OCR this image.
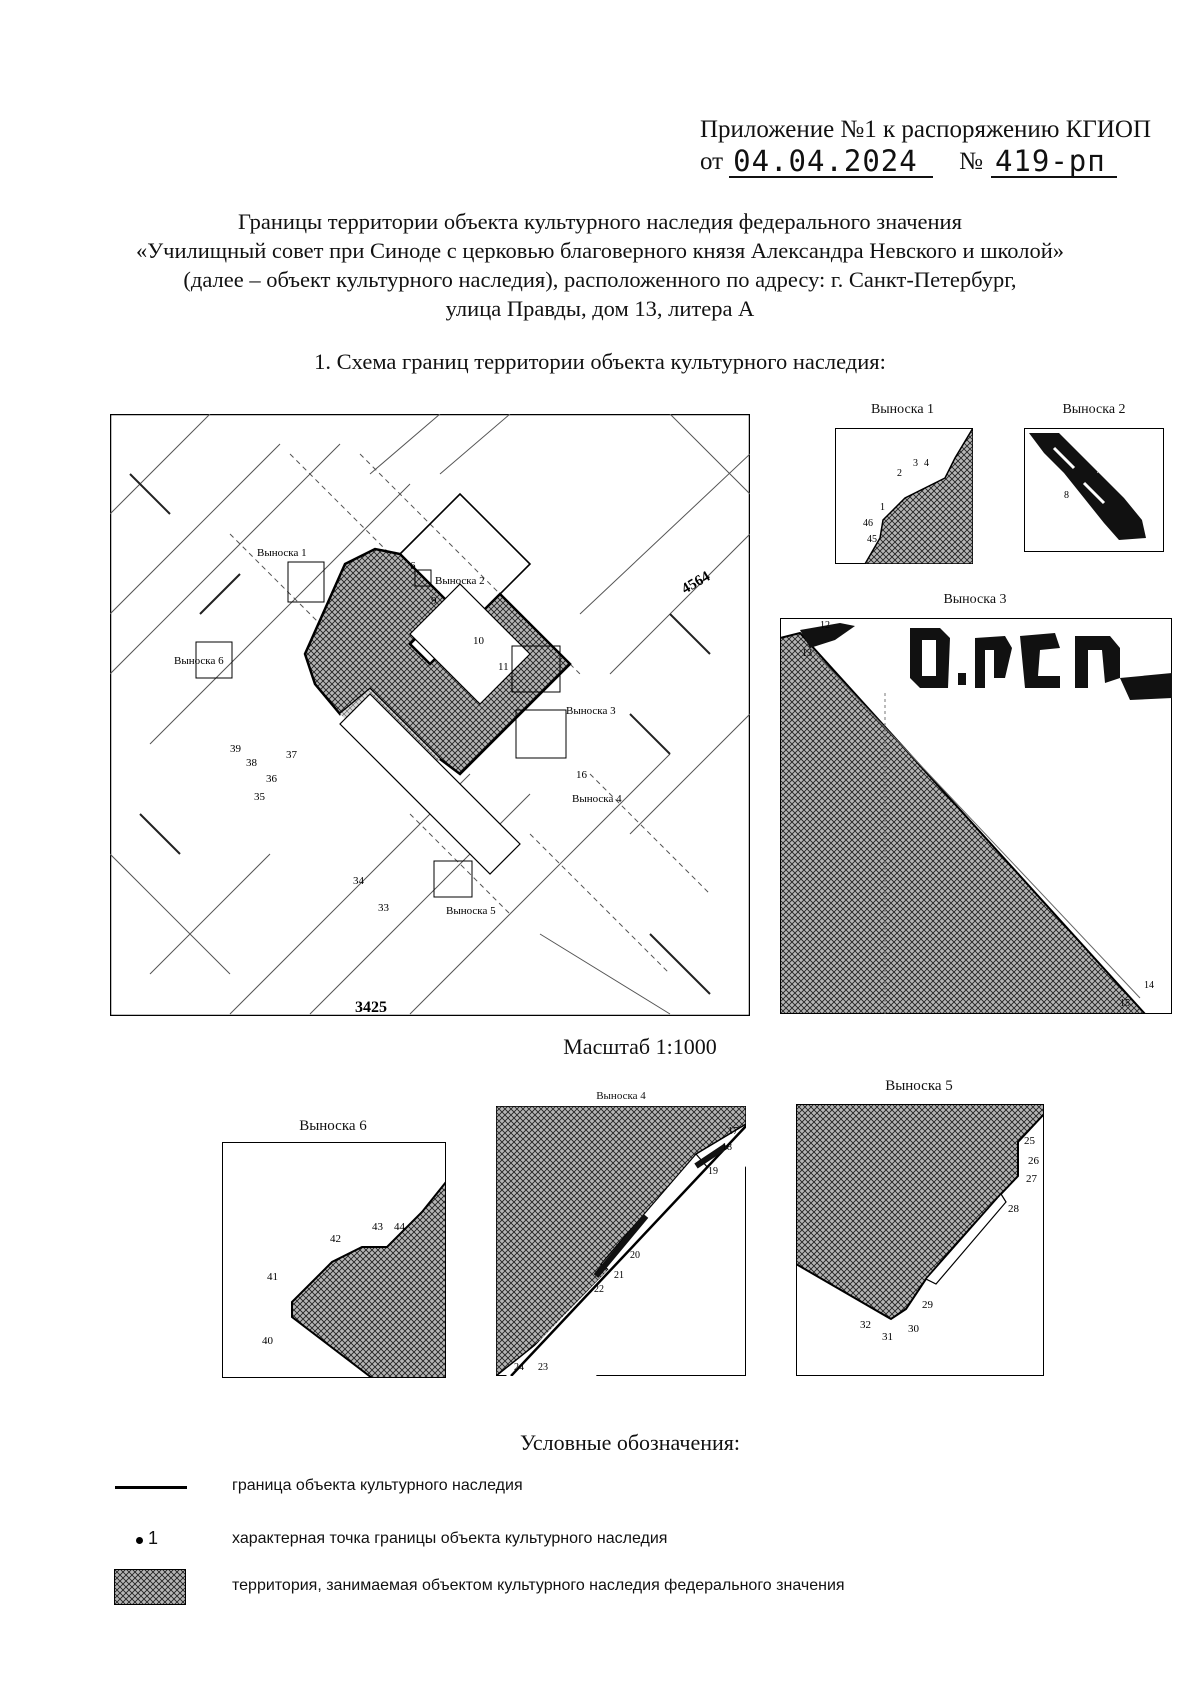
Приложение №1 к распоряжению КГИОП
от 04.04.2024	№ 419-рп
Границы территории объекта культурного наследия федерального значения
«Училищный совет при Синоде с церковью благоверного князя Александра Невского и школой»
(далее – объект культурного наследия), расположенного по адресу: г. Санкт-Петербург,
улица Правды, дом 13, литера А
1. Схема границ территории объекта культурного наследия:
Выноска 1
Выноска 2
Выноска 3
Выноска 4
Выноска 5
Выноска 6
4564
3425
6
9
10
11
16
33
34
35
36
37
38
39
Выноска 1
1
2
3 4
45
46
Выноска 2
7
8
Выноска 3
12
13
14
15
Масштаб 1:1000
Выноска 6
40
41
42
43 44
Выноска 4
17
18
19
20
21
22
23
24
Выноска 5
25
26
27
28
29
30
31
32
Условные обозначения:
граница объекта культурного наследия
1	характерная точка границы объекта культурного наследия
территория, занимаемая объектом культурного наследия федерального значения
